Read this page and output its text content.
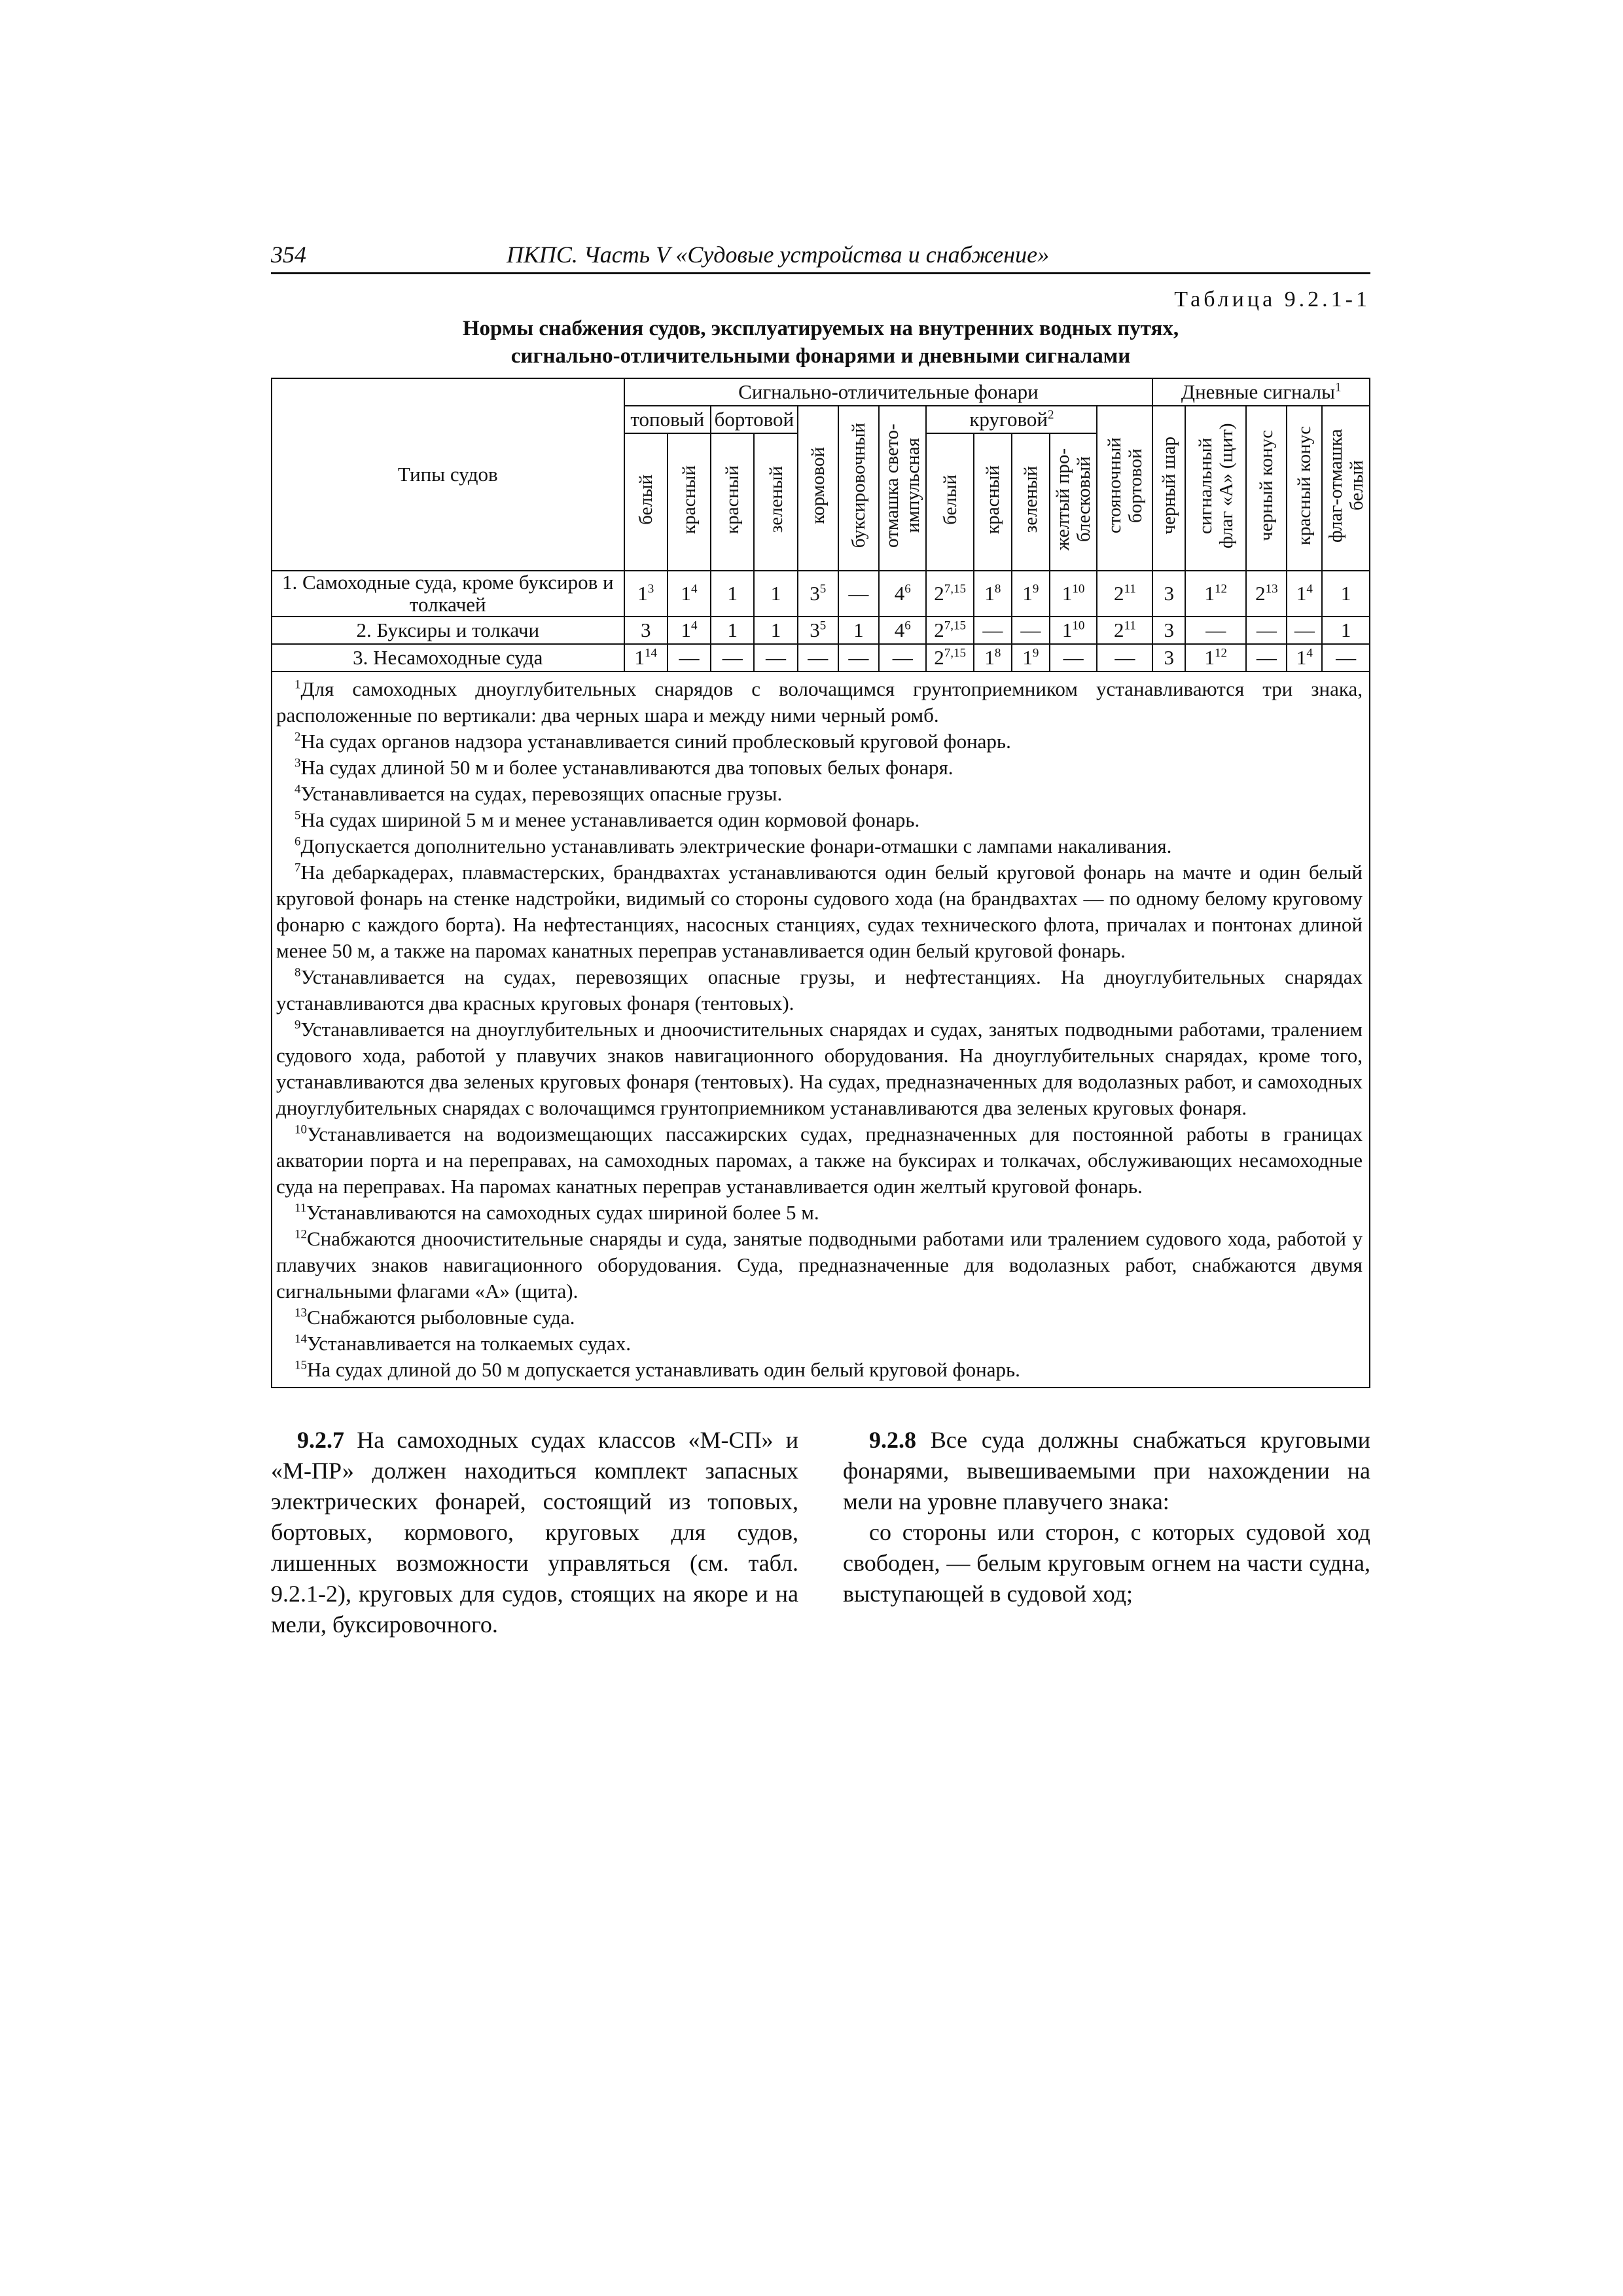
354	ПКПС. Часть V «Судовые устройства и снабжение»
Таблица 9.2.1-1
Нормы снабжения судов, эксплуатируемых на внутренних водных путях,
сигнально-отличительными фонарями и дневными сигналами
Типы судов	Сигнально-отличительные фонари												Дневные сигналы$^1$
	топовый		бортовой		кормовой	буксировочный	отмашка свето-импульсная	круговой$^2$				стояночный бортовой	черный шар	сигнальный флаг «А» (щит)	черный конус	красный конус	флаг-отмашка белый
	белый	красный	красный	зеленый				белый	красный	зеленый	желтый про-блесковый						
1. Самоходные суда, кроме буксиров и толкачей	$1^3$	$1^4$	1	1	$3^5$	—	$4^6$	2$^{7,15}$	$1^8$	$1^9$	$1^{10}$	$2^{11}$	3	$1^{12}$	$2^{13}$	$1^4$	1
2. Буксиры и толкачи	3	$1^4$	1	1	$3^5$	1	$4^6$	2$^{7,15}$	—	—	$1^{10}$	$2^{11}$	3	—	—	—	1
3. Несамоходные суда	$1^{14}$	—	—	—	—	—	—	2$^{7,15}$	$1^8$	$1^9$	—	—	3	$1^{12}$	—	$1^4$	—

$^1$Для самоходных дноуглубительных снарядов с волочащимся грунтоприемником устанавливаются три знака, расположенные по вертикали: два черных шара и между ними черный ромб.

$^2$На судах органов надзора устанавливается синий проблесковый круговой фонарь.

$^3$На судах длиной 50 м и более устанавливаются два топовых белых фонаря.

$^4$Устанавливается на судах, перевозящих опасные грузы.

$^5$На судах шириной 5 м и менее устанавливается один кормовой фонарь.

$^6$Допускается дополнительно устанавливать электрические фонари-отмашки с лампами накаливания.

$^7$На дебаркадерах, плавмастерских, брандвахтах устанавливаются один белый круговой фонарь на мачте и один белый круговой фонарь на стенке надстройки, видимый со стороны судового хода (на брандвахтах — по одному белому круговому фонарю с каждого борта). На нефтестанциях, насосных станциях, судах технического флота, причалах и понтонах длиной менее 50 м, а также на паромах канатных переправ устанавливается один белый круговой фонарь.

$^8$Устанавливается на судах, перевозящих опасные грузы, и нефтестанциях. На дноуглубительных снарядах устанавливаются два красных круговых фонаря (тентовых).

$^9$Устанавливается на дноуглубительных и дноочистительных снарядах и судах, занятых подводными работами, тралением судового хода, работой у плавучих знаков навигационного оборудования. На дноуглубительных снарядах, кроме того, устанавливаются два зеленых круговых фонаря (тентовых). На судах, предназначенных для водолазных работ, и самоходных дноуглубительных снарядах с волочащимся грунтоприемником устанавливаются два зеленых круговых фонаря.

$^{10}$Устанавливается на водоизмещающих пассажирских судах, предназначенных для постоянной работы в границах акватории порта и на переправах, на самоходных паромах, а также на буксирах и толкачах, обслуживающих несамоходные суда на переправах. На паромах канатных переправ устанавливается один желтый круговой фонарь.

$^{11}$Устанавливаются на самоходных судах шириной более 5 м.

$^{12}$Снабжаются дноочистительные снаряды и суда, занятые подводными работами или тралением судового хода, работой у плавучих знаков навигационного оборудования. Суда, предназначенные для водолазных работ, снабжаются двумя сигнальными флагами «А» (щита).

$^{13}$Снабжаются рыболовные суда.

$^{14}$Устанавливается на толкаемых судах.

$^{15}$На судах длиной до 50 м допускается устанавливать один белый круговой фонарь.

9.2.7 На самоходных судах классов «М-СП» и «М-ПР» должен находиться комплект запасных электрических фонарей, состоящий из топовых, бортовых, кормового, круговых для судов, лишенных возможности управляться (см. табл. 9.2.1-2), круговых для судов, стоящих на якоре и на мели, буксировочного.

9.2.8 Все суда должны снабжаться круговыми фонарями, вывешиваемыми при нахождении на мели на уровне плавучего знака:

со стороны или сторон, с которых судовой ход свободен, — белым круговым огнем на части судна, выступающей в судовой ход;
